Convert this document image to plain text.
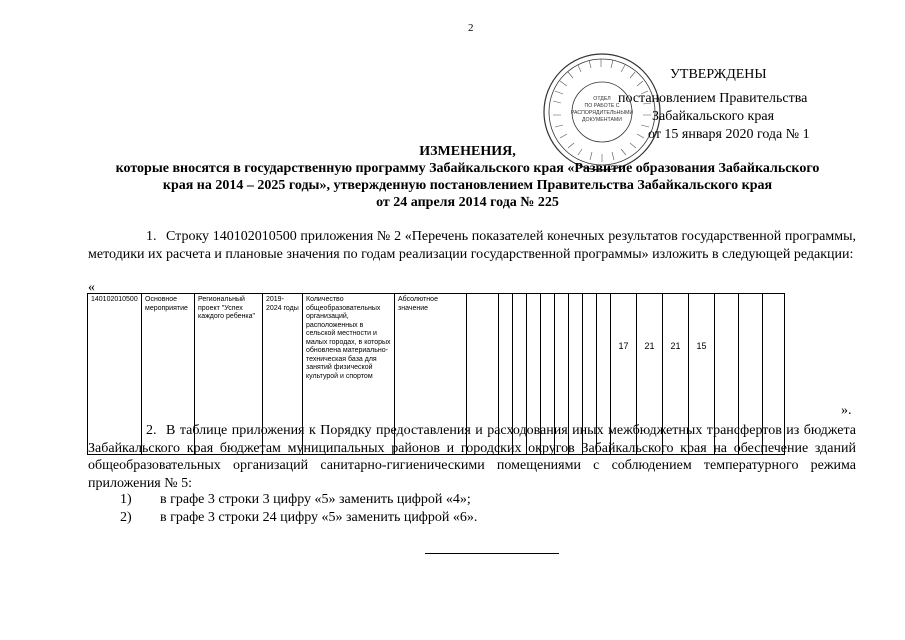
2
ОТДЕЛ
ПО РАБОТЕ С
РАСПОРЯДИТЕЛЬНЫМИ
ДОКУМЕНТАМИ
УТВЕРЖДЕНЫ
постановлением Правительства
Забайкальского края
от 15 января 2020 года № 1
ИЗМЕНЕНИЯ,
которые вносятся в государственную программу Забайкальского края «Развитие образования Забайкальского
края на 2014 – 2025 годы», утвержденную постановлением Правительства Забайкальского края
от 24 апреля 2014 года № 225
1. Строку 140102010500 приложения № 2 «Перечень показателей конечных результатов государственной программы, методики их расчета и плановые значения по годам реализации государственной программы» изложить в следующей редакции:
«
140102010500	Основное мероприятие	Региональный проект "Успех каждого ребенка"	2019-2024 годы	Количество общеобразовательных организаций, расположенных в сельской местности и малых городах, в которых обновлена материально-техническая база для занятий физической культурой и спортом	Абсолютное значение										17	21	21	15			
».
2. В таблице приложения к Порядку предоставления и расходования иных межбюджетных трансфертов из бюджета Забайкальского края бюджетам муниципальных районов и городских округов Забайкальского края на обеспечение зданий общеобразовательных организаций санитарно-гигиеническими помещениями с соблюдением температурного режима приложения № 5:
1) в графе 3 строки 3 цифру «5» заменить цифрой «4»;
2) в графе 3 строки 24 цифру «5» заменить цифрой «6».
